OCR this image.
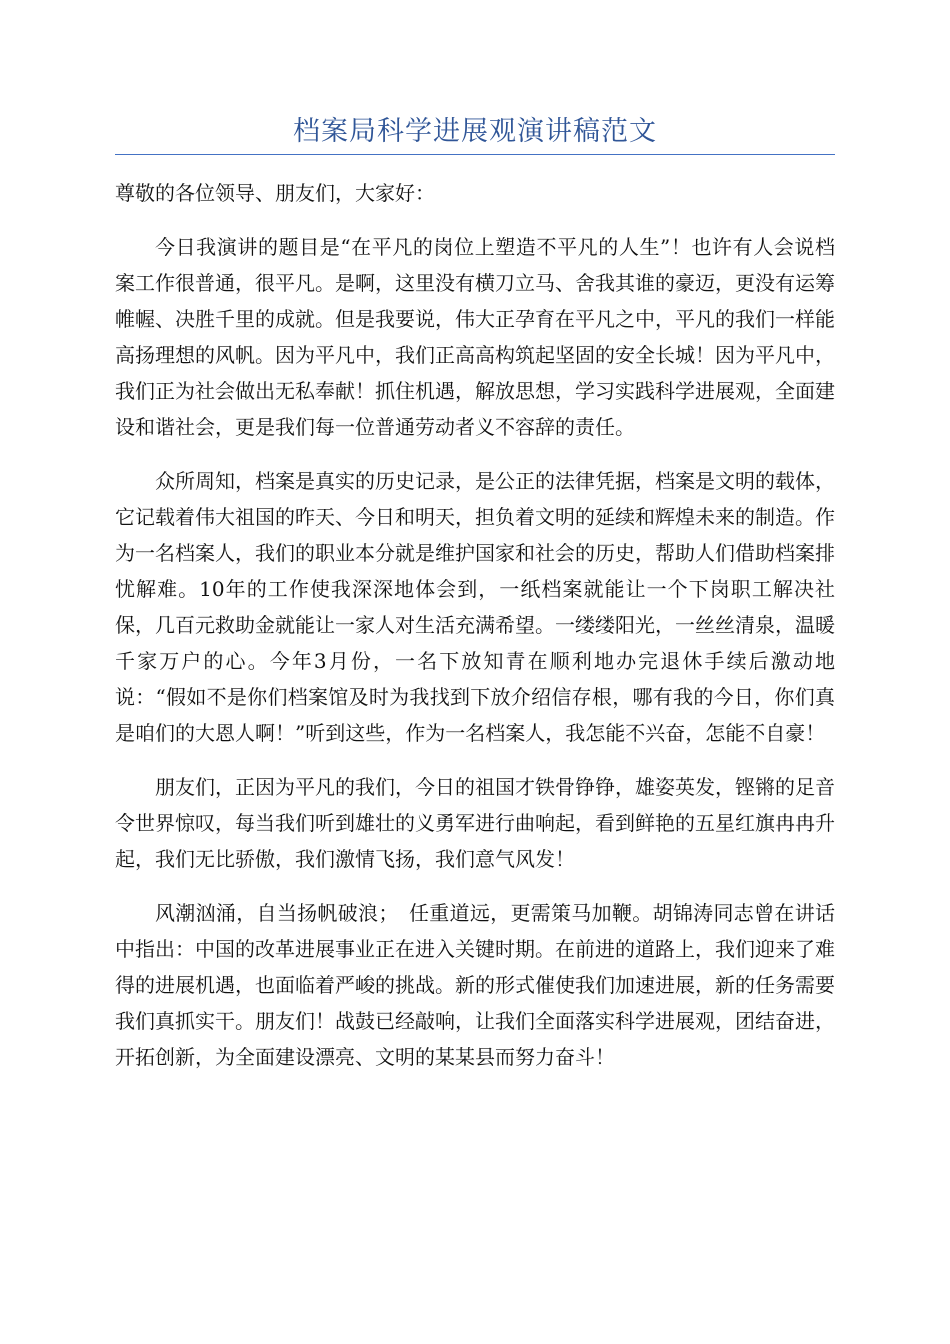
档案局科学进展观演讲稿范文

尊敬的各位领导、朋友们，大家好：

今日我演讲的题目是“在平凡的岗位上塑造不平凡的人生”！也许有人会说档案工作很普通，很平凡。是啊，这里没有横刀立马、舍我其谁的豪迈，更没有运筹帷幄、决胜千里的成就。但是我要说，伟大正孕育在平凡之中，平凡的我们一样能高扬理想的风帆。因为平凡中，我们正高高构筑起坚固的安全长城！因为平凡中，我们正为社会做出无私奉献！抓住机遇，解放思想，学习实践科学进展观，全面建设和谐社会，更是我们每一位普通劳动者义不容辞的责任。

众所周知，档案是真实的历史记录，是公正的法律凭据，档案是文明的载体，它记载着伟大祖国的昨天、今日和明天，担负着文明的延续和辉煌未来的制造。作为一名档案人，我们的职业本分就是维护国家和社会的历史，帮助人们借助档案排忧解难。10年的工作使我深深地体会到，一纸档案就能让一个下岗职工解决社保，几百元救助金就能让一家人对生活充满希望。一缕缕阳光，一丝丝清泉，温暖千家万户的心。今年3月份，一名下放知青在顺利地办完退休手续后激动地说：“假如不是你们档案馆及时为我找到下放介绍信存根，哪有我的今日，你们真是咱们的大恩人啊！”听到这些，作为一名档案人，我怎能不兴奋，怎能不自豪！

朋友们，正因为平凡的我们，今日的祖国才铁骨铮铮，雄姿英发，铿锵的足音令世界惊叹，每当我们听到雄壮的义勇军进行曲响起，看到鲜艳的五星红旗冉冉升起，我们无比骄傲，我们激情飞扬，我们意气风发！

风潮汹涌，自当扬帆破浪；　任重道远，更需策马加鞭。胡锦涛同志曾在讲话中指出：中国的改革进展事业正在进入关键时期。在前进的道路上，我们迎来了难得的进展机遇，也面临着严峻的挑战。新的形式催使我们加速进展，新的任务需要我们真抓实干。朋友们！战鼓已经敲响，让我们全面落实科学进展观，团结奋进，开拓创新，为全面建设漂亮、文明的某某县而努力奋斗！
